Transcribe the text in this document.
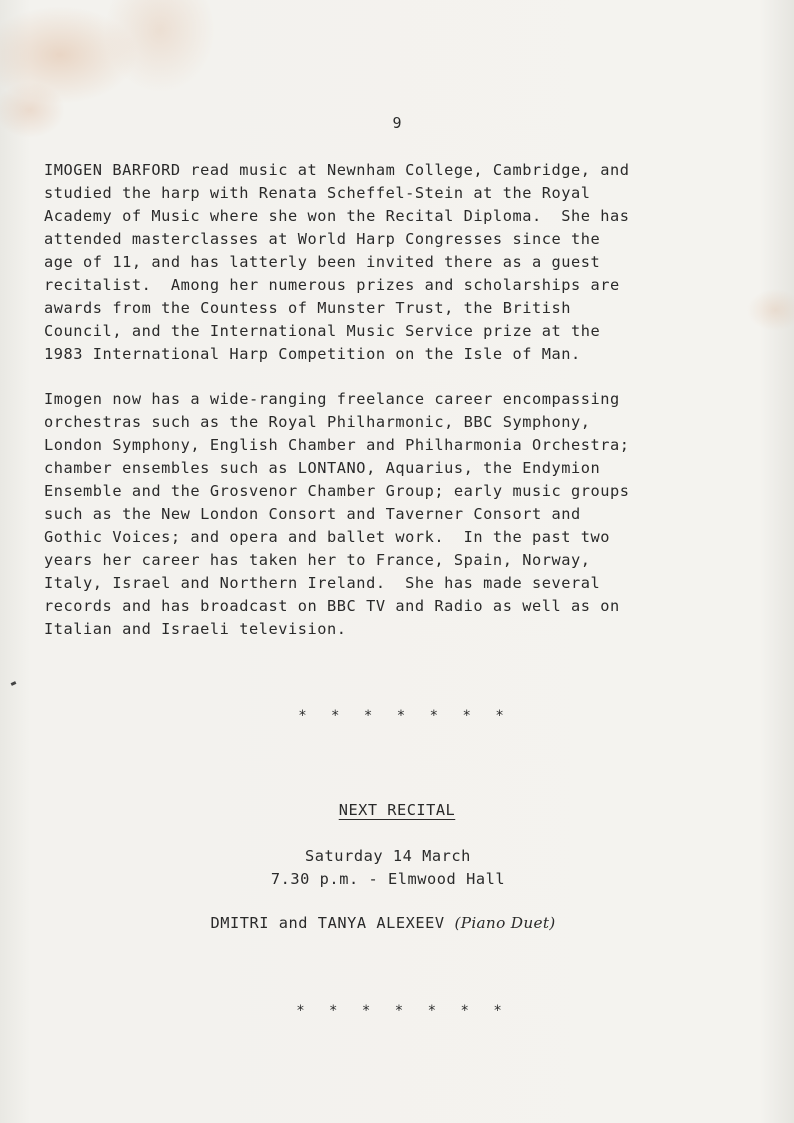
9

IMOGEN BARFORD read music at Newnham College, Cambridge, and
studied the harp with Renata Scheffel-Stein at the Royal
Academy of Music where she won the Recital Diploma.  She has
attended masterclasses at World Harp Congresses since the
age of 11, and has latterly been invited there as a guest
recitalist.  Among her numerous prizes and scholarships are
awards from the Countess of Munster Trust, the British
Council, and the International Music Service prize at the
1983 International Harp Competition on the Isle of Man.

Imogen now has a wide-ranging freelance career encompassing
orchestras such as the Royal Philharmonic, BBC Symphony,
London Symphony, English Chamber and Philharmonia Orchestra;
chamber ensembles such as LONTANO, Aquarius, the Endymion
Ensemble and the Grosvenor Chamber Group; early music groups
such as the New London Consort and Taverner Consort and
Gothic Voices; and opera and ballet work.  In the past two
years her career has taken her to France, Spain, Norway,
Italy, Israel and Northern Ireland.  She has made several
records and has broadcast on BBC TV and Radio as well as on
Italian and Israeli television.

* * * * * * *
NEXT RECITAL
Saturday 14 March
7.30 p.m. - Elmwood Hall
DMITRI and TANYA ALEXEEV (Piano Duet)
* * * * * * *
